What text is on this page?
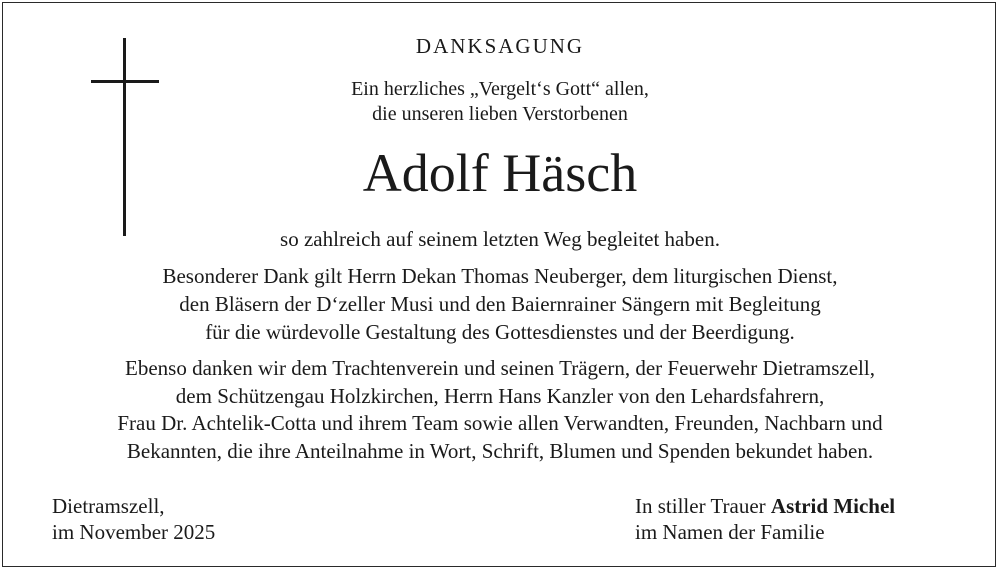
DANKSAGUNG
Ein herzliches „Vergelt‘s Gott“ allen,
die unseren lieben Verstorbenen
Adolf Häsch
so zahlreich auf seinem letzten Weg begleitet haben.
Besonderer Dank gilt Herrn Dekan Thomas Neuberger, dem liturgischen Dienst,
den Bläsern der D‘zeller Musi und den Baiernrainer Sängern mit Begleitung
für die würdevolle Gestaltung des Gottesdienstes und der Beerdigung.
Ebenso danken wir dem Trachtenverein und seinen Trägern, der Feuerwehr Dietramszell,
dem Schützengau Holzkirchen, Herrn Hans Kanzler von den Lehardsfahrern,
Frau Dr. Achtelik-Cotta und ihrem Team sowie allen Verwandten, Freunden, Nachbarn und
Bekannten, die ihre Anteilnahme in Wort, Schrift, Blumen und Spenden bekundet haben.
Dietramszell,
im November 2025
In stiller Trauer Astrid Michel
im Namen der Familie
